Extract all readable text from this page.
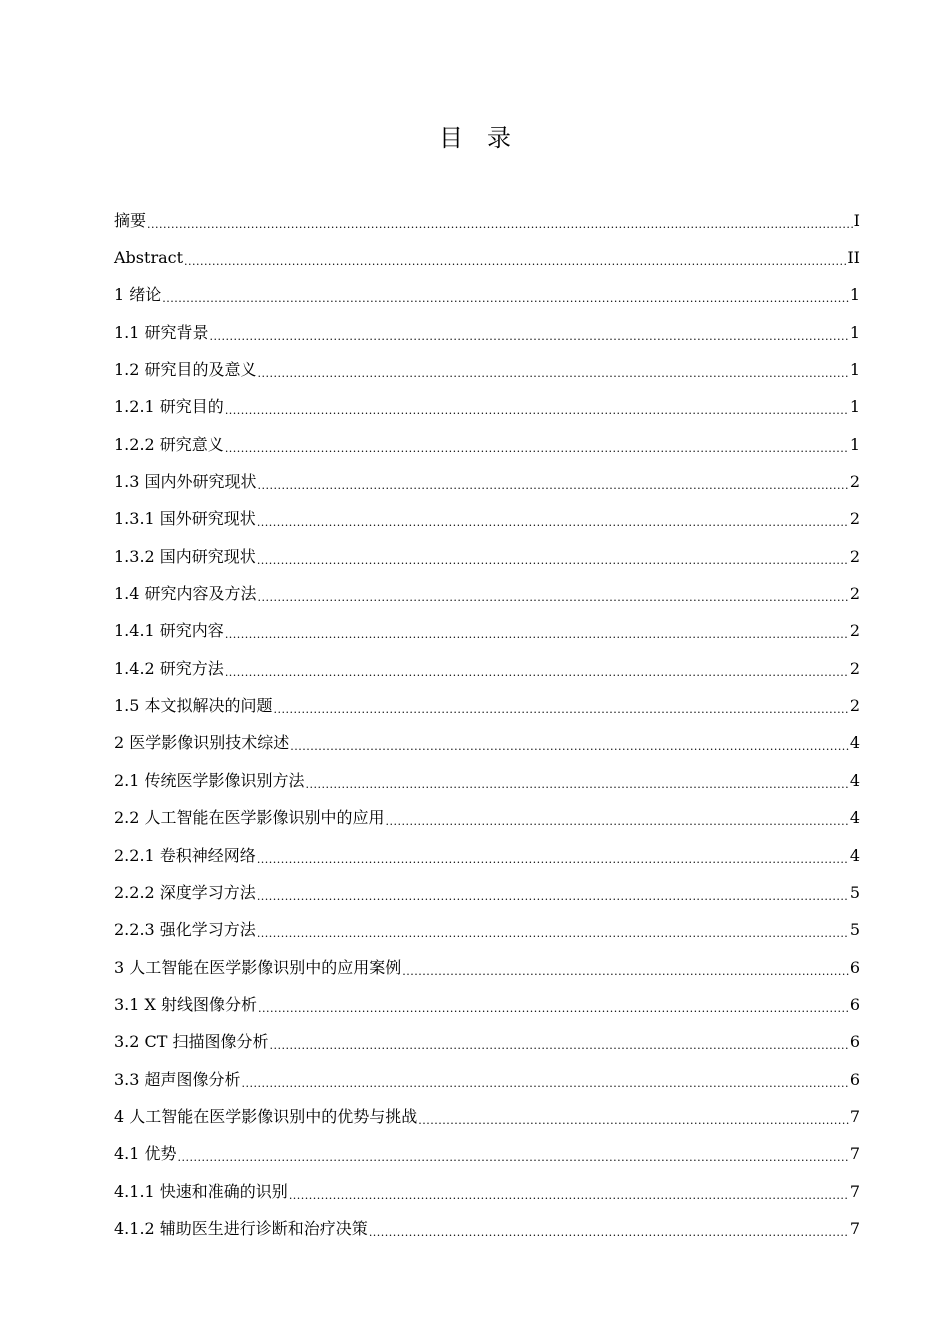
目录
摘要 .....	I
Abstract .....	II
1 绪论 .....	1
1.1 研究背景 .....	1
1.2 研究目的及意义 .....	1
1.2.1 研究目的 .....	1
1.2.2 研究意义 .....	1
1.3 国内外研究现状 .....	2
1.3.1 国外研究现状 .....	2
1.3.2 国内研究现状 .....	2
1.4 研究内容及方法 .....	2
1.4.1 研究内容 .....	2
1.4.2 研究方法 .....	2
1.5 本文拟解决的问题 .....	2
2 医学影像识别技术综述 .....	4
2.1 传统医学影像识别方法 .....	4
2.2 人工智能在医学影像识别中的应用 .....	4
2.2.1 卷积神经网络 .....	4
2.2.2 深度学习方法 .....	5
2.2.3 强化学习方法 .....	5
3 人工智能在医学影像识别中的应用案例 .....	6
3.1 X 射线图像分析 .....	6
3.2 CT 扫描图像分析 .....	6
3.3 超声图像分析 .....	6
4 人工智能在医学影像识别中的优势与挑战 .....	7
4.1 优势 .....	7
4.1.1 快速和准确的识别 .....	7
4.1.2 辅助医生进行诊断和治疗决策 .....	7
